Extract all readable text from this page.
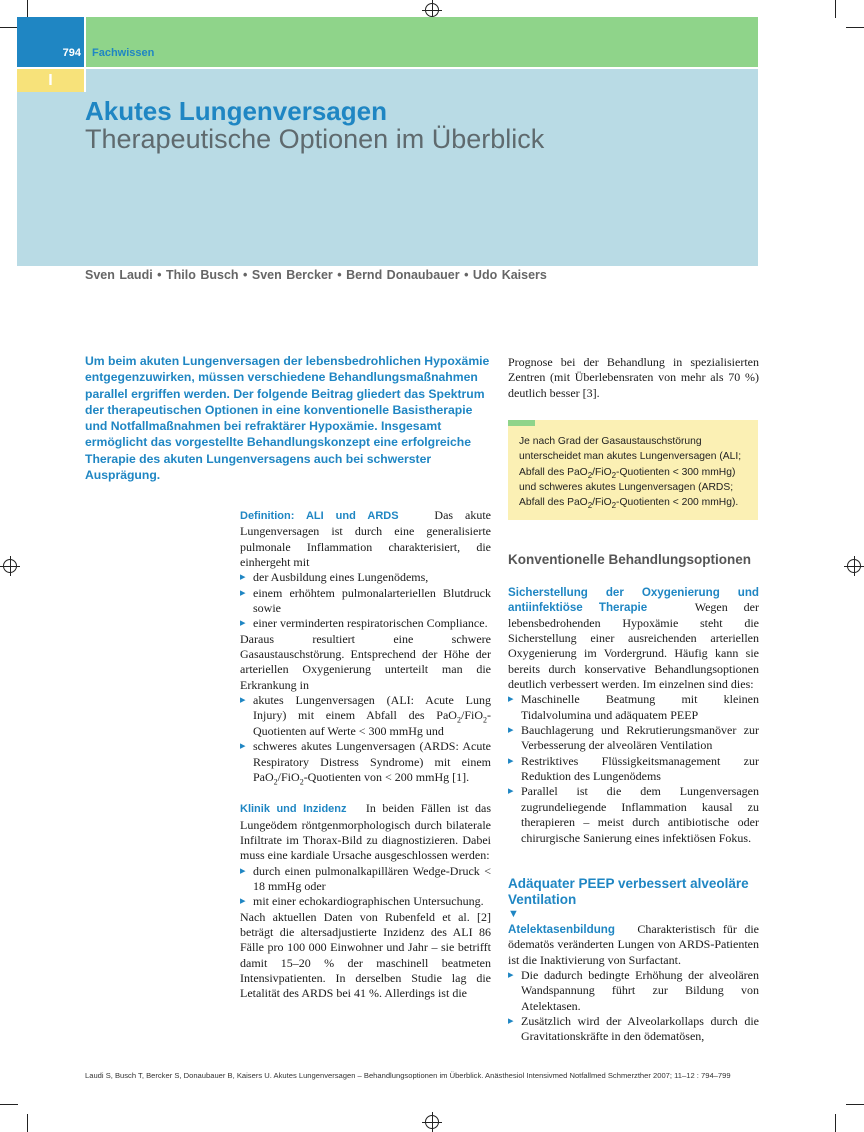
794 Fachwissen
I
Akutes Lungenversagen
Therapeutische Optionen im Überblick
Sven Laudi • Thilo Busch • Sven Bercker • Bernd Donaubauer • Udo Kaisers
Um beim akuten Lungenversagen der lebensbedrohlichen Hypoxämie entgegenzuwirken, müssen verschiedene Behandlungsmaßnahmen parallel ergriffen werden. Der folgende Beitrag gliedert das Spektrum der therapeutischen Optionen in eine konventionelle Basistherapie und Notfallmaßnahmen bei refraktärer Hypoxämie. Insgesamt ermöglicht das vorgestellte Behandlungskonzept eine erfolgreiche Therapie des akuten Lungenversagens auch bei schwerster Ausprägung.

Definition: ALI und ARDS	Das akute Lungenversagen ist durch eine generalisierte pulmonale Inflammation charakterisiert, die einhergeht mit

▸ der Ausbildung eines Lungenödems,
▸ einem erhöhtem pulmonalarteriellen Blutdruck sowie
▸ einer verminderten respiratorischen Compliance.

Daraus resultiert eine schwere Gasaustauschstörung. Entsprechend der Höhe der arteriellen Oxygenierung unterteilt man die Erkrankung in

▸ akutes Lungenversagen (ALI: Acute Lung Injury) mit einem Abfall des PaO$_2$/FiO$_2$-Quotienten auf Werte < 300 mmHg und
▸ schweres akutes Lungenversagen (ARDS: Acute Respiratory Distress Syndrome) mit einem PaO$_2$/FiO$_2$-Quotienten von < 200 mmHg [1].

Klinik und Inzidenz In beiden Fällen ist das Lungeödem röntgenmorphologisch durch bilaterale Infiltrate im Thorax-Bild zu diagnostizieren. Dabei muss eine kardiale Ursache ausgeschlossen werden:

▸ durch einen pulmonalkapillären Wedge-Druck < 18 mmHg oder
▸ mit einer echokardiographischen Untersuchung.

Nach aktuellen Daten von Rubenfeld et al. [2] beträgt die altersadjustierte Inzidenz des ALI 86 Fälle pro 100 000 Einwohner und Jahr – sie betrifft damit 15–20 % der maschinell beatmeten Intensivpatienten. In derselben Studie lag die Letalität des ARDS bei 41 %. Allerdings ist die

Prognose bei der Behandlung in spezialisierten Zentren (mit Überlebensraten von mehr als 70 %) deutlich besser [3].

Je nach Grad der Gasaustauschstörung unterscheidet man akutes Lungenversagen (ALI; Abfall des PaO$_2$/FiO$_2$-Quotienten < 300 mmHg) und schweres akutes Lungenversagen (ARDS; Abfall des PaO$_2$/FiO$_2$-Quotienten < 200 mmHg).
Konventionelle Behandlungsoptionen

Sicherstellung der Oxygenierung und antiinfektiöse Therapie	Wegen der lebensbedrohenden Hypoxämie steht die Sicherstellung einer ausreichenden arteriellen Oxygenierung im Vordergrund. Häufig kann sie bereits durch konservative Behandlungsoptionen deutlich verbessert werden. Im einzelnen sind dies:

▸ Maschinelle Beatmung mit kleinen Tidalvolumina und adäquatem PEEP
▸ Bauchlagerung und Rekrutierungsmanöver zur Verbesserung der alveolären Ventilation
▸ Restriktives Flüssigkeitsmanagement zur Reduktion des Lungenödems
▸ Parallel ist die dem Lungenversagen zugrundeliegende Inflammation kausal zu therapieren – meist durch antibiotische oder chirurgische Sanierung eines infektiösen Fokus.
Adäquater PEEP verbessert alveoläre Ventilation
▼

Atelektasenbildung Charakteristisch für die ödematös veränderten Lungen von ARDS-Patienten ist die Inaktivierung von Surfactant.

▸ Die dadurch bedingte Erhöhung der alveolären Wandspannung führt zur Bildung von Atelektasen.
▸ Zusätzlich wird der Alveolarkollaps durch die Gravitationskräfte in den ödematösen,
Laudi S, Busch T, Bercker S, Donaubauer B, Kaisers U. Akutes Lungenversagen – Behandlungsoptionen im Überblick. Anästhesiol Intensivmed Notfallmed Schmerzther 2007; 11–12 : 794–799
